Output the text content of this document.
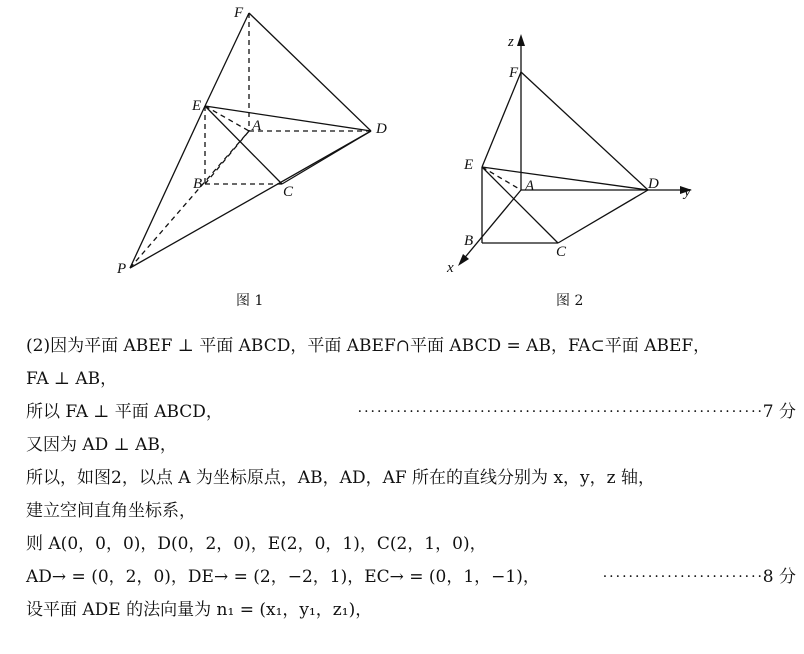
F
E
A	D
B	C
P
图 1
z
F
E
A	D y
B
C
x
图 2
(2)因为平面 ABEF ⊥ 平面 ABCD，平面 ABEF∩平面 ABCD = AB，FA⊂平面 ABEF，
FA ⊥ AB，
所以 FA ⊥ 平面 ABCD，	·······························································
7 分
又因为 AD ⊥ AB，
所以，如图2，以点 A 为坐标原点，AB，AD，AF 所在的直线分别为 x，y，z 轴，
建立空间直角坐标系，
则 A(0，0，0)，D(0，2，0)，E(2，0，1)，C(2，1，0)，
AD→ = (0，2，0)，DE→ = (2，−2，1)，EC→ = (0，1，−1)，	·························
8 分
设平面 ADE 的法向量为 n₁ = (x₁，y₁，z₁)，
